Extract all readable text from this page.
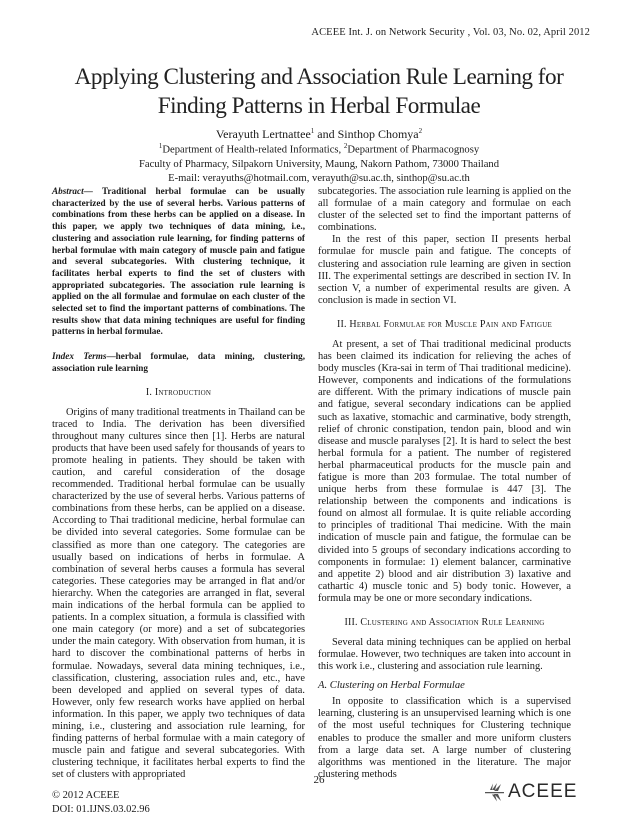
ACEEE Int. J. on Network Security , Vol. 03, No. 02, April 2012
Applying Clustering and Association Rule Learning for
Finding Patterns in Herbal Formulae
Verayuth Lertnattee$^1$ and Sinthop Chomya$^2$
$^1$Department of Health-related Informatics, $^2$Department of Pharmacognosy
Faculty of Pharmacy, Silpakorn University, Maung, Nakorn Pathom, 73000 Thailand
E-mail: verayuths@hotmail.com, verayuth@su.ac.th, sinthop@su.ac.th

Abstract— Traditional herbal formulae can be usually characterized by the use of several herbs. Various patterns of combinations from these herbs can be applied on a disease. In this paper, we apply two techniques of data mining, i.e., clustering and association rule learning, for finding patterns of herbal formulae with main category of muscle pain and fatigue and several subcategories. With clustering technique, it facilitates herbal experts to find the set of clusters with appropriated subcategories. The association rule learning is applied on the all formulae and formulae on each cluster of the selected set to find the important patterns of combinations. The results show that data mining techniques are useful for finding patterns in herbal formulae.

Index Terms—herbal formulae, data mining, clustering, association rule learning

I. Introduction

Origins of many traditional treatments in Thailand can be traced to India. The derivation has been diversified throughout many cultures since then [1]. Herbs are natural products that have been used safely for thousands of years to promote healing in patients. They should be taken with caution, and careful consideration of the dosage recommended. Traditional herbal formulae can be usually characterized by the use of several herbs. Various patterns of combinations from these herbs, can be applied on a disease. According to Thai traditional medicine, herbal formulae can be divided into several categories. Some formulae can be classified as more than one category. The categories are usually based on indications of herbs in formulae. A combination of several herbs causes a formula has several categories. These categories may be arranged in flat and/or hierarchy. When the categories are arranged in flat, several main indications of the herbal formula can be applied to patients. In a complex situation, a formula is classified with one main category (or more) and a set of subcategories under the main category. With observation from human, it is hard to discover the combinational patterns of herbs in formulae. Nowadays, several data mining techniques, i.e., classification, clustering, association rules and, etc., have been developed and applied on several types of data. However, only few research works have applied on herbal information. In this paper, we apply two techniques of data mining, i.e., clustering and association rule learning, for finding patterns of herbal formulae with a main category of muscle pain and fatigue and several subcategories. With clustering technique, it facilitates herbal experts to find the set of clusters with appropriated

subcategories. The association rule learning is applied on the all formulae of a main category and formulae on each cluster of the selected set to find the important patterns of combinations.

In the rest of this paper, section II presents herbal formulae for muscle pain and fatigue. The concepts of clustering and association rule learning are given in section III. The experimental settings are described in section IV. In section V, a number of experimental results are given. A conclusion is made in section VI.

II. Herbal Formulae for Muscle Pain and Fatigue

At present, a set of Thai traditional medicinal products has been claimed its indication for relieving the aches of body muscles (Kra-sai in term of Thai traditional medicine). However, components and indications of the formulations are different. With the primary indications of muscle pain and fatigue, several secondary indications can be applied such as laxative, stomachic and carminative, body strength, relief of chronic constipation, tendon pain, blood and win disease and muscle paralyses [2]. It is hard to select the best herbal formula for a patient. The number of registered herbal pharmaceutical products for the muscle pain and fatigue is more than 203 formulae. The total number of unique herbs from these formulae is 447 [3]. The relationship between the components and indications is found on almost all formulae. It is quite reliable according to principles of traditional Thai medicine. With the main indication of muscle pain and fatigue, the formulae can be divided into 5 groups of secondary indications according to components in formulae: 1) element balancer, carminative and appetite 2) blood and air distribution 3) laxative and cathartic 4) muscle tonic and 5) body tonic. However, a formula may be one or more secondary indications.

III. Clustering and Association Rule Learning

Several data mining techniques can be applied on herbal formulae. However, two techniques are taken into account in this work i.e., clustering and association rule learning.

A. Clustering on Herbal Formulae

In opposite to classification which is a supervised learning, clustering is an unsupervised learning which is one of the most useful techniques for Clustering technique enables to produce the smaller and more uniform clusters from a large data set. A large number of clustering algorithms was mentioned in the literature. The major clustering methods

26
© 2012 ACEEE
DOI: 01.IJNS.03.02.96
ACEEE
